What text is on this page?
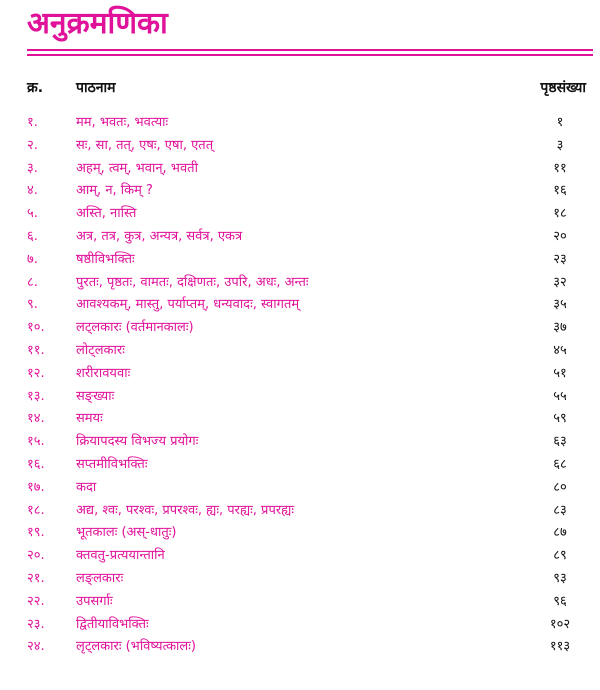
अनुक्रमणिका
क्र. पाठनाम	पृष्ठसंख्या
१.	मम, भवतः, भवत्याः	१
२.	सः, सा, तत्, एषः, एषा, एतत्	३
३.	अहम्, त्वम्, भवान्, भवती	११
४.	आम्, न, किम् ?	१६
५.	अस्ति, नास्ति	१८
६.	अत्र, तत्र, कुत्र, अन्यत्र, सर्वत्र, एकत्र	२०
७.	षष्ठीविभक्तिः	२३
८.	पुरतः, पृष्ठतः, वामतः, दक्षिणतः, उपरि, अधः, अन्तः	३२
९.	आवश्यकम्, मास्तु, पर्याप्तम्, धन्यवादः, स्वागतम्	३५
१०. लट्लकारः (वर्तमानकालः)	३७
११. लोट्लकारः	४५
१२. शरीरावयवाः	५१
१३. सङ्ख्याः	५५
१४. समयः	५९
१५. क्रियापदस्य विभज्य प्रयोगः	६३
१६. सप्तमीविभक्तिः	६८
१७. कदा	८०
१८. अद्य, श्वः, परश्वः, प्रपरश्वः, ह्यः, परह्यः, प्रपरह्यः	८३
१९. भूतकालः (अस्-धातुः)	८७
२०. क्तवतु-प्रत्ययान्तानि	८९
२१. लङ्लकारः	९३
२२. उपसर्गाः	९६
२३. द्वितीयाविभक्तिः	१०२
२४. लृट्लकारः (भविष्यत्कालः)	११३
